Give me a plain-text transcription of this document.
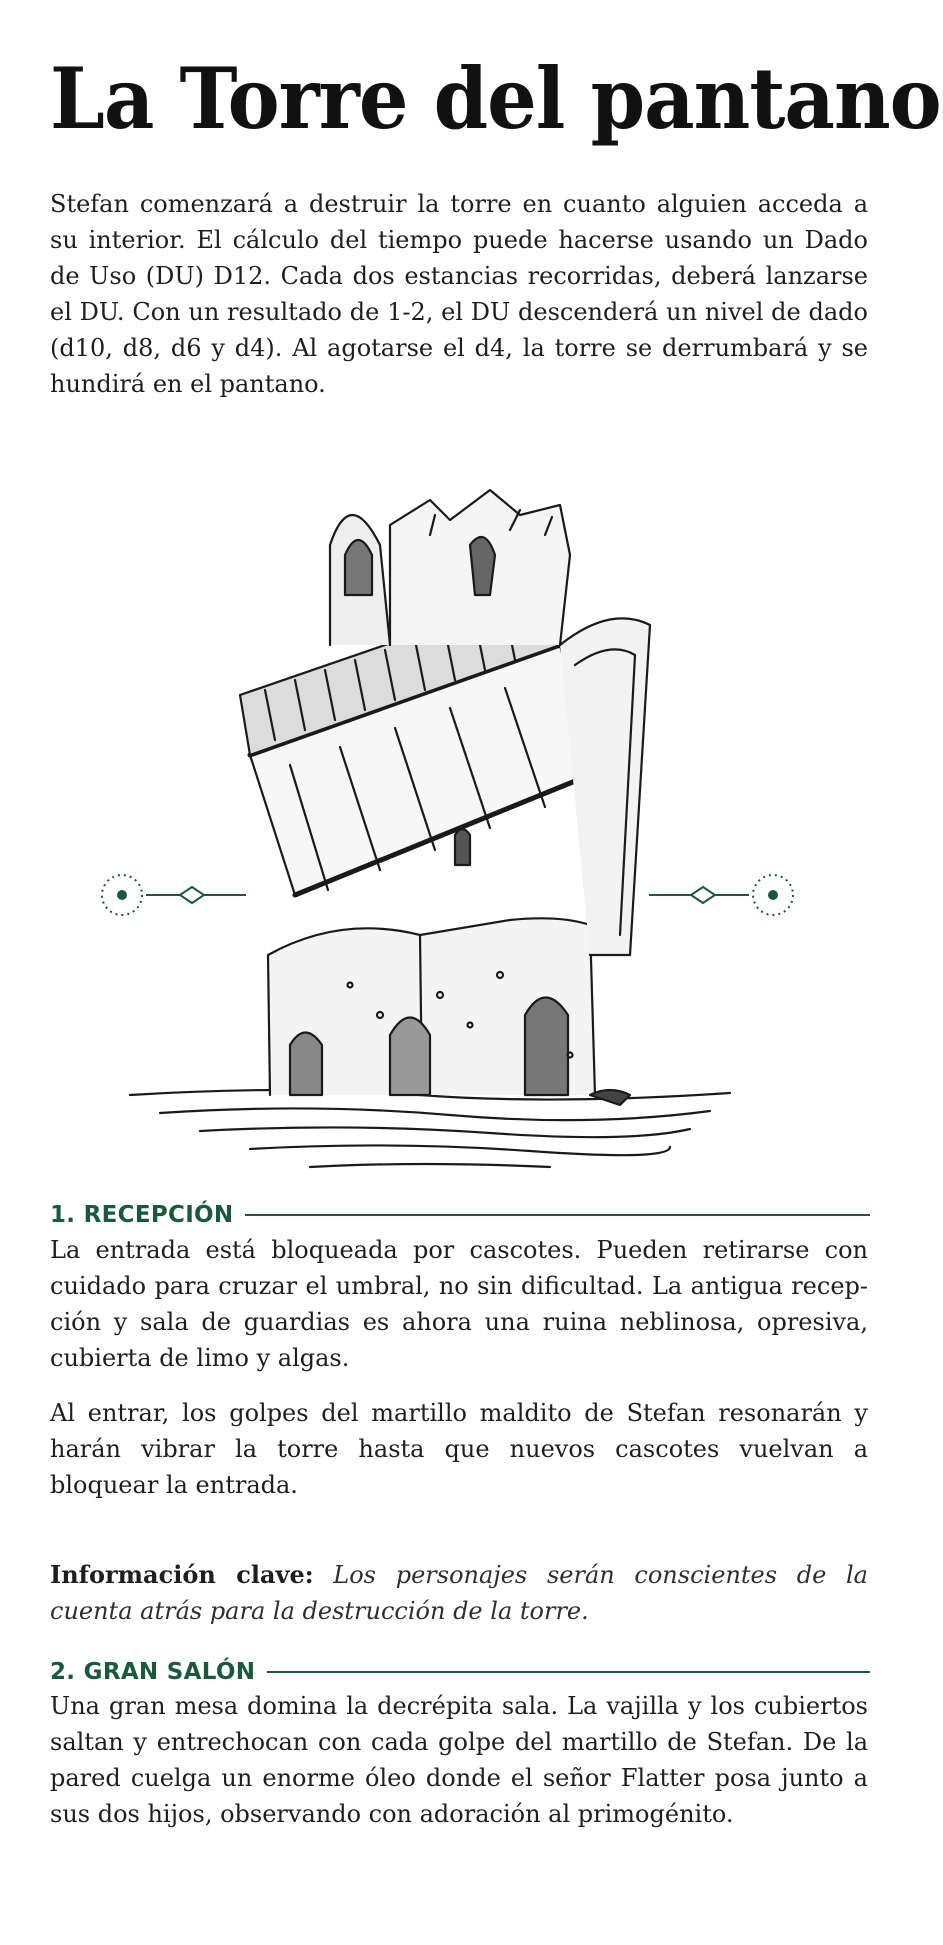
La Torre del pantano

Stefan comenzará a destruir la torre en cuanto alguien acceda a su interior. El cálculo del tiempo puede hacerse usando un Dado de Uso (DU) D12. Cada dos estancias recorridas, deberá lanzarse el DU. Con un resultado de 1-2, el DU descenderá un nivel de dado (d10, d8, d6 y d4). Al agotarse el d4, la torre se derrumbará y se hundirá en el pantano.

1. RECEPCIÓN

La entrada está bloqueada por cascotes. Pueden retirarse con cuidado para cruzar el umbral, no sin dificultad. La antigua recep-ción y sala de guardias es ahora una ruina neblinosa, opresiva, cubierta de limo y algas.

Al entrar, los golpes del martillo maldito de Stefan resonarán y harán vibrar la torre hasta que nuevos cascotes vuelvan a bloquear la entrada.

Información clave: Los personajes serán conscientes de la cuenta atrás para la destrucción de la torre.

2. GRAN SALÓN

Una gran mesa domina la decrépita sala. La vajilla y los cubiertos saltan y entrechocan con cada golpe del martillo de Stefan. De la pared cuelga un enorme óleo donde el señor Flatter posa junto a sus dos hijos, observando con adoración al primogénito.
